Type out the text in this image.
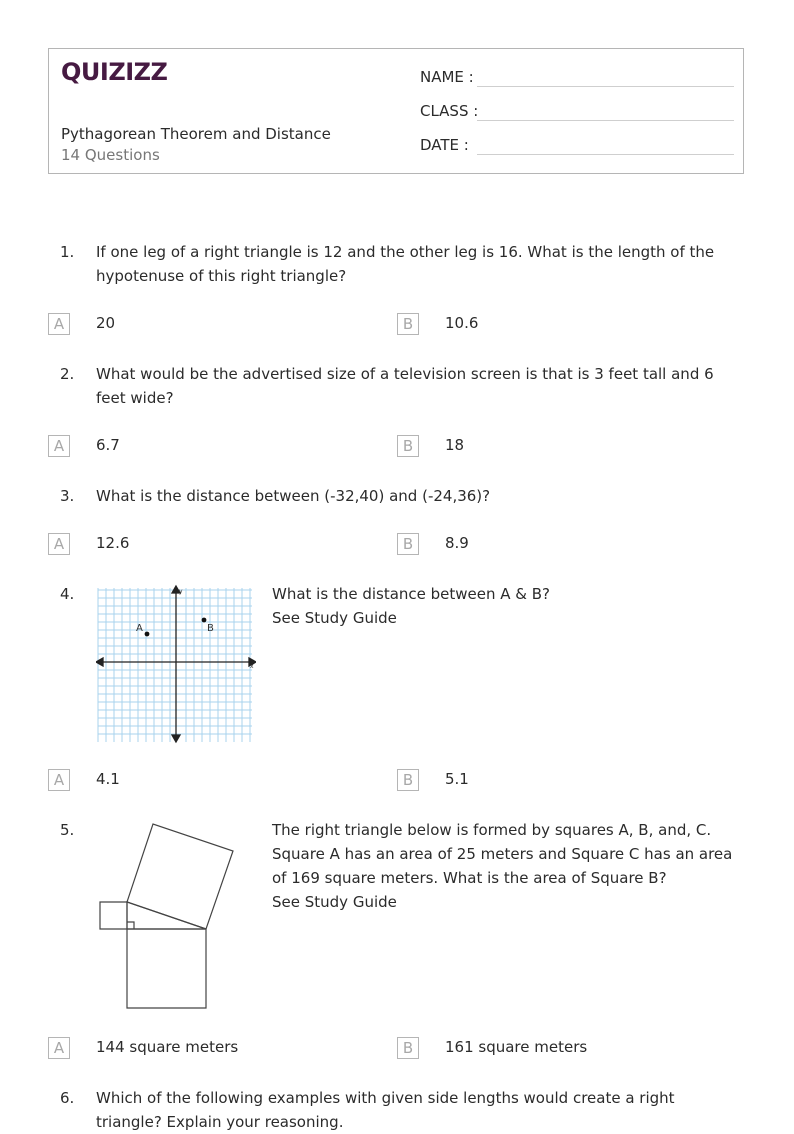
QUIZIZZ
Pythagorean Theorem and Distance
14 Questions
NAME :
CLASS :
DATE :
1. If one leg of a right triangle is 12 and the other leg is 16. What is the length of the hypotenuse of this right triangle?
A	20	B	10.6
2. What would be the advertised size of a television screen is that is 3 feet tall and 6 feet wide?
A	6.7	B	18
3. What is the distance between (-32,40) and (-24,36)?
A	12.6	B	8.9
4.	y
x
A	B
What is the distance between A & B?
See Study Guide
A	4.1	B	5.1
5.	The right triangle below is formed by squares A, B, and, C. Square A has an area of 25 meters and Square C has an area of 169 square meters. What is the area of Square B?
See Study Guide
A	144 square meters	B	161 square meters
6. Which of the following examples with given side lengths would create a right triangle? Explain your reasoning.
